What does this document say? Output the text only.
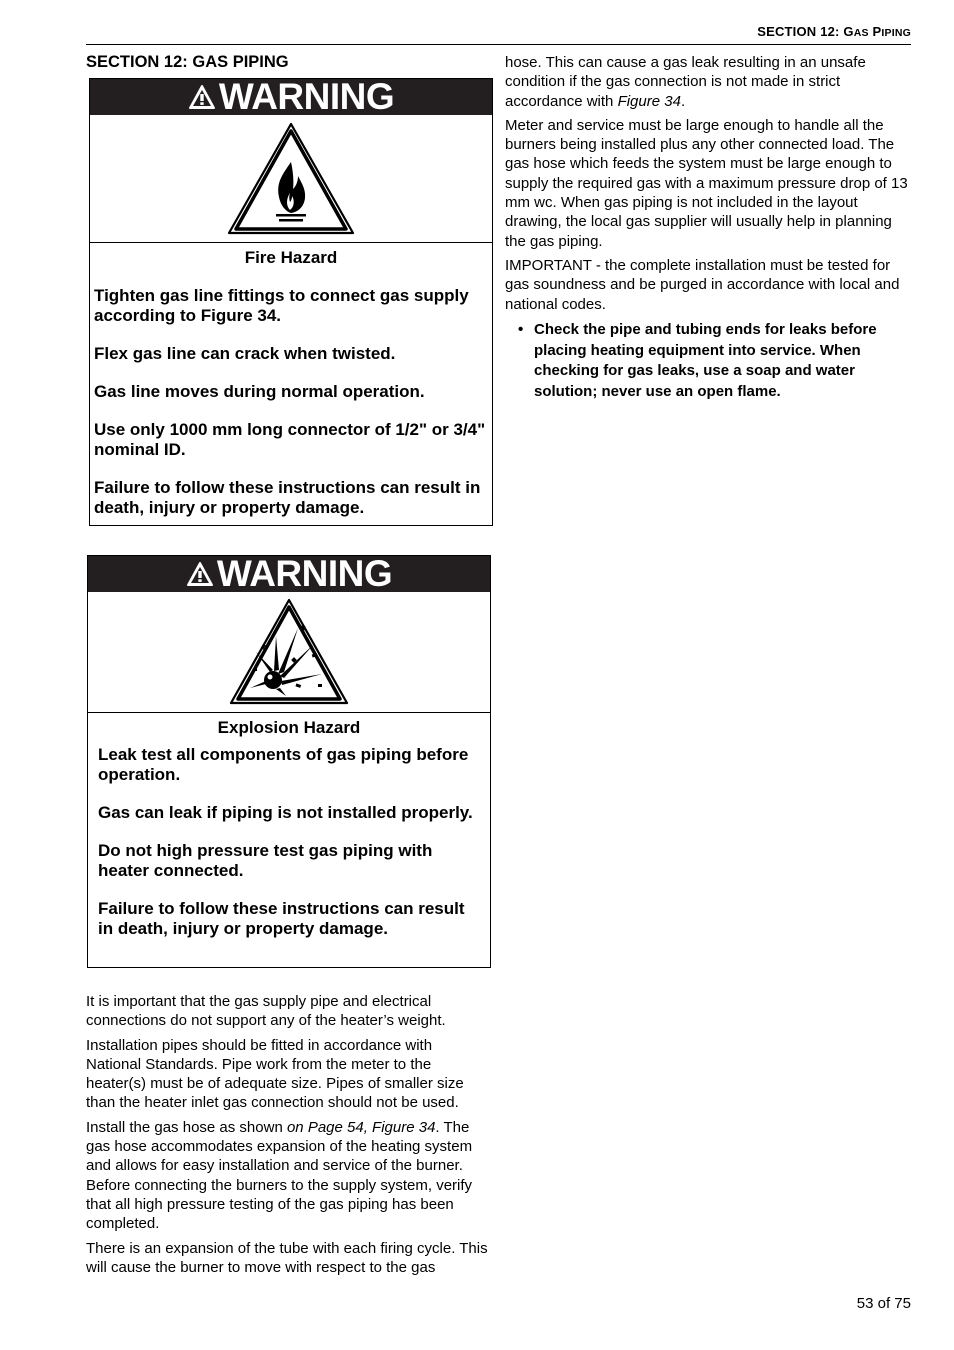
SECTION 12: GAS PIPING
SECTION 12: GAS PIPING
WARNING
Fire Hazard

Tighten gas line fittings to connect gas supply according to Figure 34.

Flex gas line can crack when twisted.

Gas line moves during normal operation.

Use only 1000 mm long connector of 1/2" or 3/4" nominal ID.

Failure to follow these instructions can result in death, injury or property damage.

WARNING
Explosion Hazard

Leak test all components of gas piping before operation.

Gas can leak if piping is not installed properly.

Do not high pressure test gas piping with heater connected.

Failure to follow these instructions can result in death, injury or property damage.

It is important that the gas supply pipe and electrical connections do not support any of the heater’s weight.

Installation pipes should be fitted in accordance with National Standards. Pipe work from the meter to the heater(s) must be of adequate size. Pipes of smaller size than the heater inlet gas connection should not be used.

Install the gas hose as shown on Page 54, Figure 34. The gas hose accommodates expansion of the heating system and allows for easy installation and service of the burner. Before connecting the burners to the supply system, verify that all high pressure testing of the gas piping has been completed.

There is an expansion of the tube with each firing cycle. This will cause the burner to move with respect to the gas

hose. This can cause a gas leak resulting in an unsafe condition if the gas connection is not made in strict accordance with Figure 34.

Meter and service must be large enough to handle all the burners being installed plus any other connected load. The gas hose which feeds the system must be large enough to supply the required gas with a maximum pressure drop of 13 mm wc. When gas piping is not included in the layout drawing, the local gas supplier will usually help in planning the gas piping.

IMPORTANT - the complete installation must be tested for gas soundness and be purged in accordance with local and national codes.

• Check the pipe and tubing ends for leaks before placing heating equipment into service. When checking for gas leaks, use a soap and water solution; never use an open flame.
53 of 75
